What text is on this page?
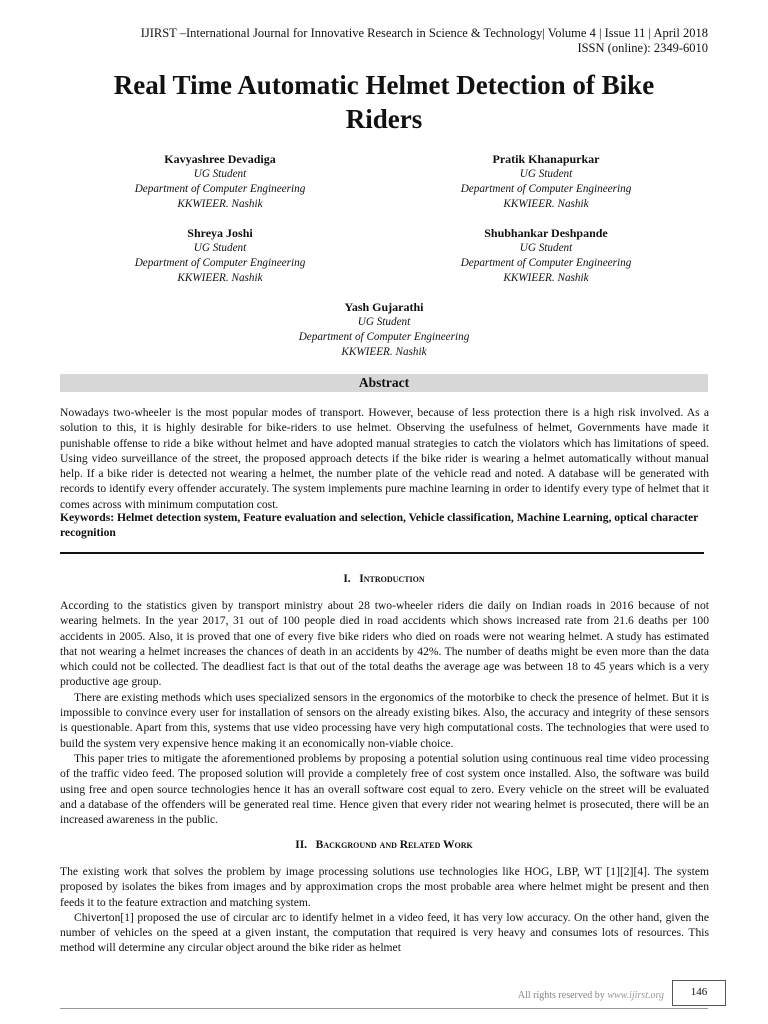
IJIRST –International Journal for Innovative Research in Science & Technology| Volume 4 | Issue 11 | April 2018
ISSN (online): 2349-6010
Real Time Automatic Helmet Detection of Bike
Riders
Kavyashree Devadiga
UG Student
Department of Computer Engineering
KKWIEER. Nashik
Pratik Khanapurkar
UG Student
Department of Computer Engineering
KKWIEER. Nashik
Shreya Joshi
UG Student
Department of Computer Engineering
KKWIEER. Nashik
Shubhankar Deshpande
UG Student
Department of Computer Engineering
KKWIEER. Nashik
Yash Gujarathi
UG Student
Department of Computer Engineering
KKWIEER. Nashik
Abstract

Nowadays two-wheeler is the most popular modes of transport. However, because of less protection there is a high risk involved. As a solution to this, it is highly desirable for bike-riders to use helmet. Observing the usefulness of helmet, Governments have made it punishable offense to ride a bike without helmet and have adopted manual strategies to catch the violators which has limitations of speed. Using video surveillance of the street, the proposed approach detects if the bike rider is wearing a helmet automatically without manual help. If a bike rider is detected not wearing a helmet, the number plate of the vehicle read and noted. A database will be generated with records to identify every offender accurately. The system implements pure machine learning in order to identify every type of helmet that it comes across with minimum computation cost.

Keywords: Helmet detection system, Feature evaluation and selection, Vehicle classification, Machine Learning, optical character recognition
I. Introduction

According to the statistics given by transport ministry about 28 two-wheeler riders die daily on Indian roads in 2016 because of not wearing helmets. In the year 2017, 31 out of 100 people died in road accidents which shows increased rate from 21.6 deaths per 100 accidents in 2005. Also, it is proved that one of every five bike riders who died on roads were not wearing helmet. A study has estimated that not wearing a helmet increases the chances of death in an accidents by 42%. The number of deaths might be even more than the data which could not be collected. The deadliest fact is that out of the total deaths the average age was between 18 to 45 years which is a very productive age group.

There are existing methods which uses specialized sensors in the ergonomics of the motorbike to check the presence of helmet. But it is impossible to convince every user for installation of sensors on the already existing bikes. Also, the accuracy and integrity of these sensors is questionable. Apart from this, systems that use video processing have very high computational costs. The technologies that were used to build the system very expensive hence making it an economically non-viable choice.

This paper tries to mitigate the aforementioned problems by proposing a potential solution using continuous real time video processing of the traffic video feed. The proposed solution will provide a completely free of cost system once installed. Also, the software was build using free and open source technologies hence it has an overall software cost equal to zero. Every vehicle on the street will be evaluated and a database of the offenders will be generated real time. Hence given that every rider not wearing helmet is prosecuted, there will be an increased awareness in the public.

II. Background and Related Work

The existing work that solves the problem by image processing solutions use technologies like HOG, LBP, WT [1][2][4]. The system proposed by isolates the bikes from images and by approximation crops the most probable area where helmet might be present and then feeds it to the feature extraction and matching system.

Chiverton[1] proposed the use of circular arc to identify helmet in a video feed, it has very low accuracy. On the other hand, given the number of vehicles on the speed at a given instant, the computation that required is very heavy and consumes lots of resources. This method will determine any circular object around the bike rider as helmet

All rights reserved by www.ijirst.org	146
